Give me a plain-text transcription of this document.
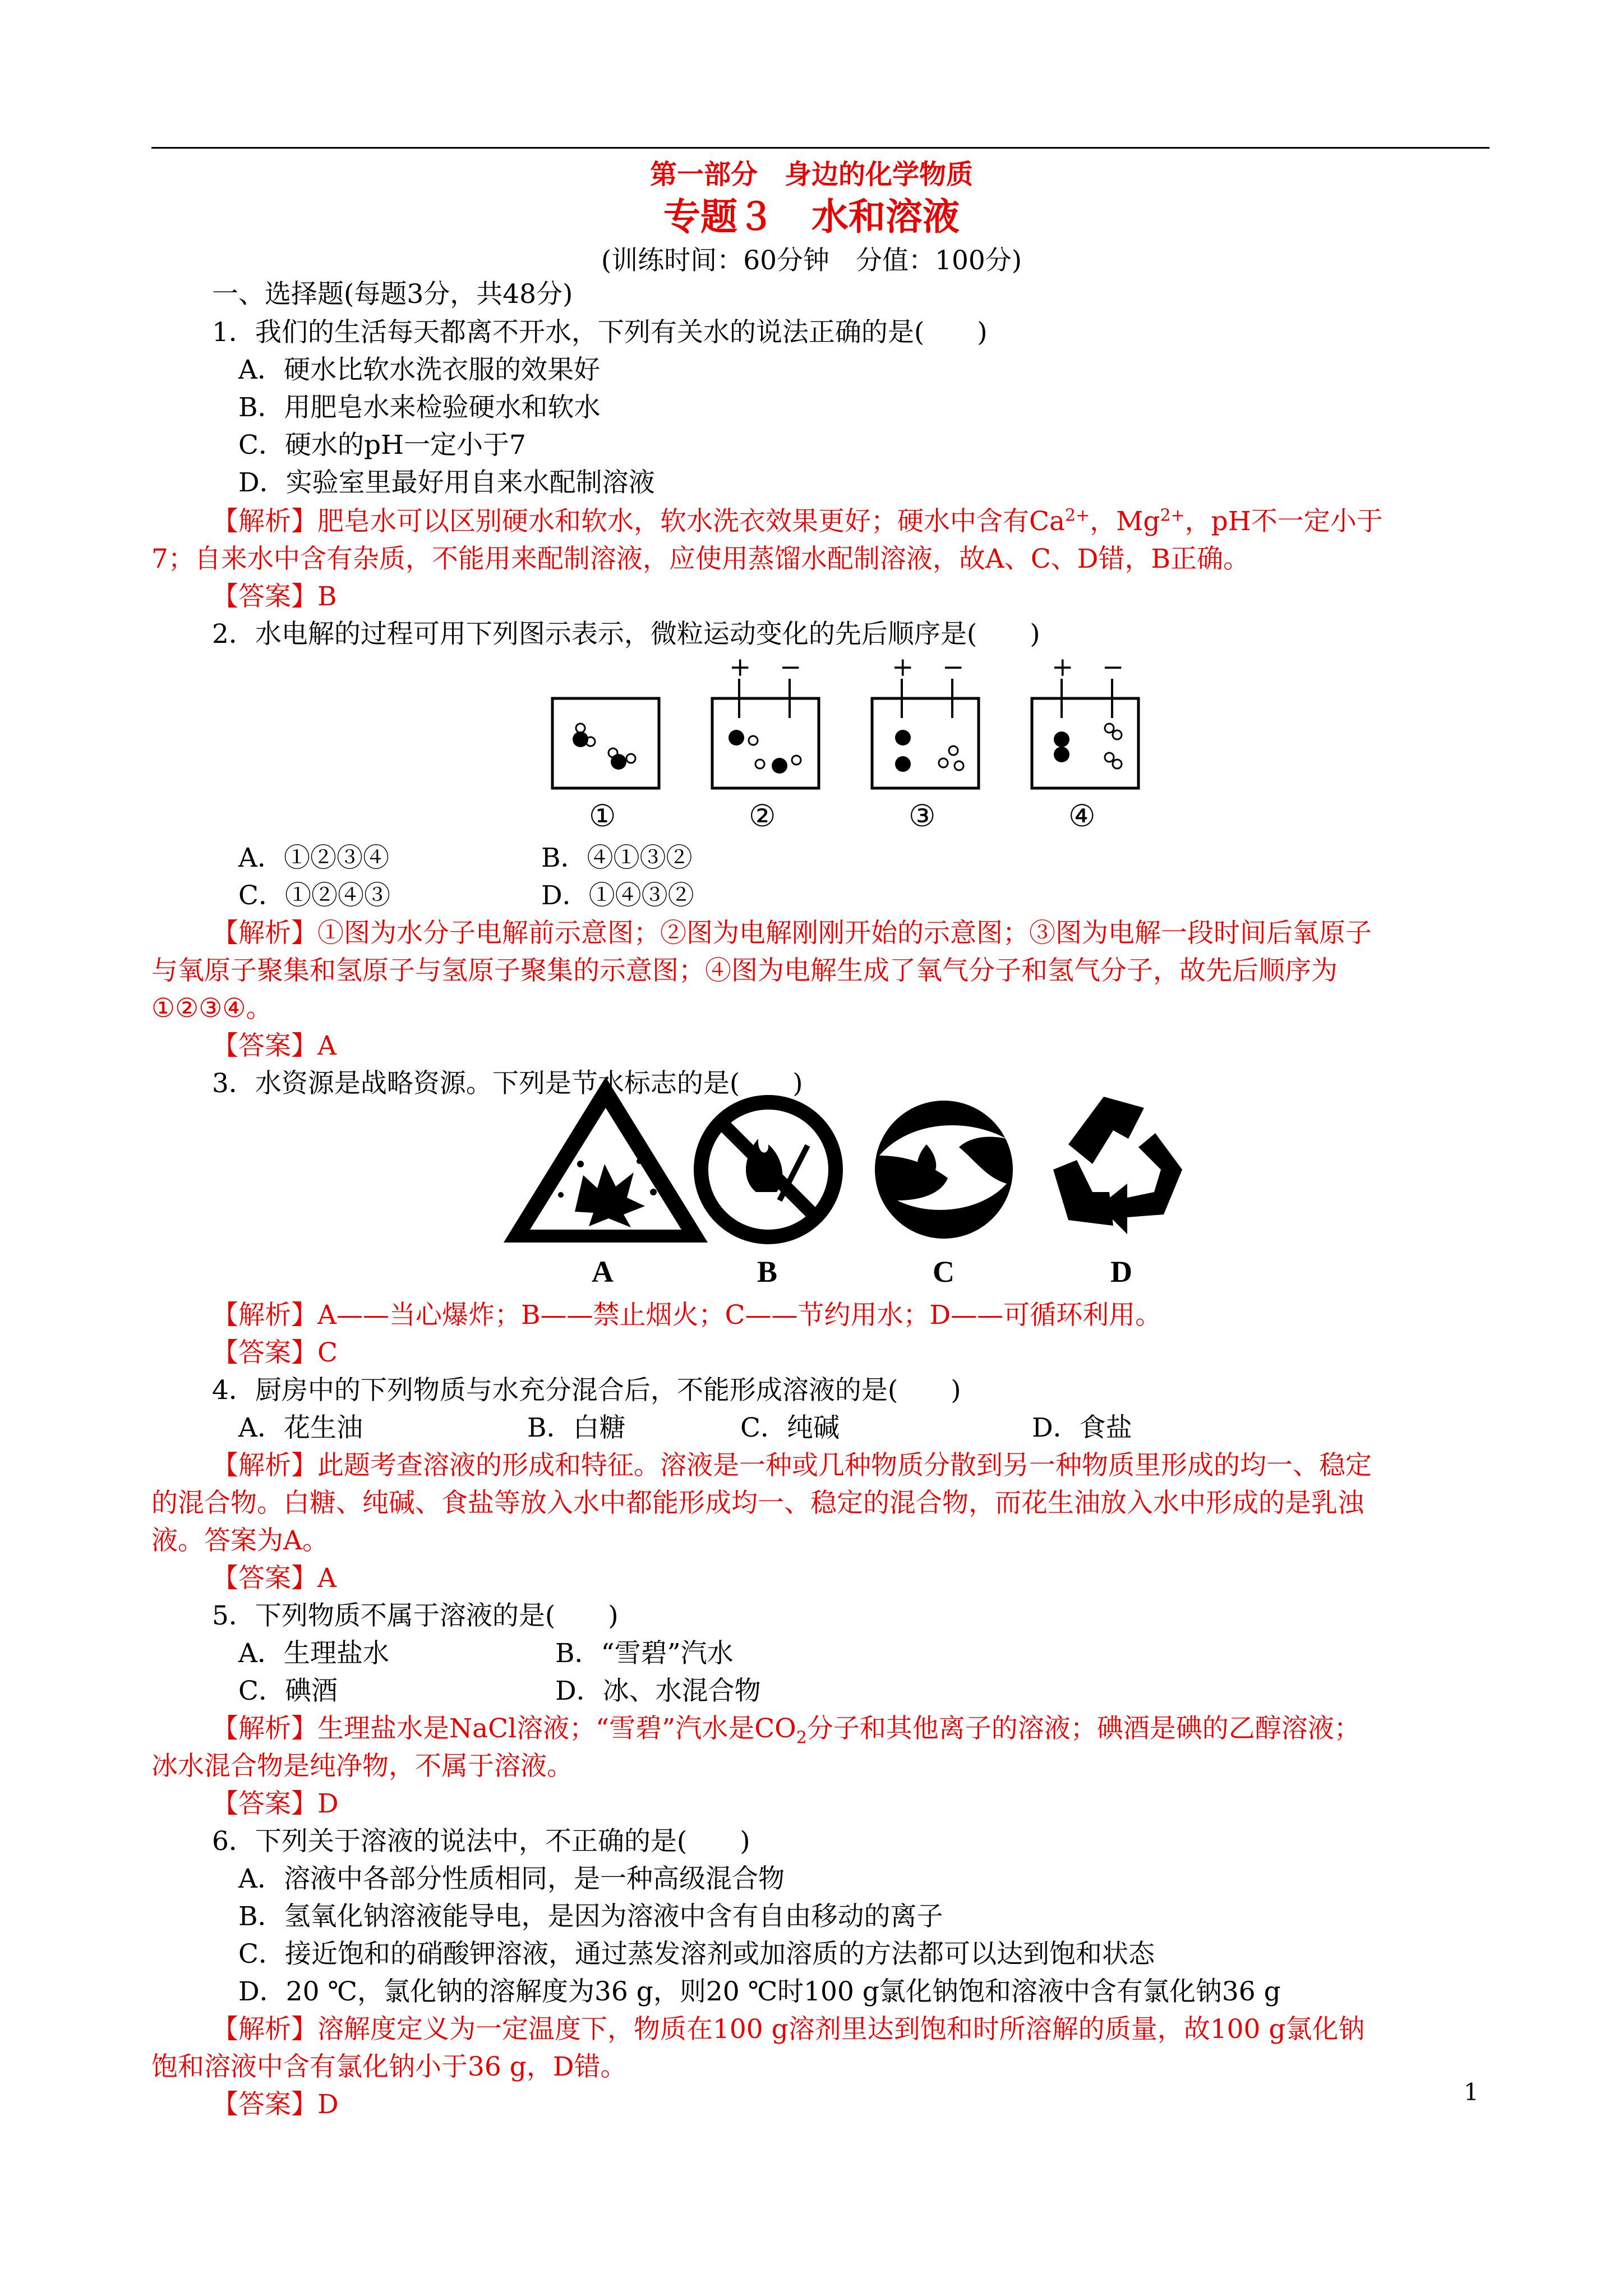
第一部分　身边的化学物质
专题３　水和溶液
(训练时间：60分钟　分值：100分)
一、选择题(每题3分，共48分)
1．我们的生活每天都离不开水，下列有关水的说法正确的是(　　)
A．硬水比软水洗衣服的效果好
B．用肥皂水来检验硬水和软水
C．硬水的pH一定小于7
D．实验室里最好用自来水配制溶液
【解析】肥皂水可以区别硬水和软水，软水洗衣效果更好；硬水中含有$Ca^{2+}$，$Mg^{2+}$，pH不一定小于
7；自来水中含有杂质，不能用来配制溶液，应使用蒸馏水配制溶液，故A、C、D错，B正确。
【答案】B
2．水电解的过程可用下列图示表示，微粒运动变化的先后顺序是(　　)
+ −	+ −	+ −
①	②	③	④
A．①②③④	B．④①③②
C．①②④③	D．①④③②
【解析】①图为水分子电解前示意图；②图为电解刚刚开始的示意图；③图为电解一段时间后氧原子
与氧原子聚集和氢原子与氢原子聚集的示意图；④图为电解生成了氧气分子和氢气分子，故先后顺序为
①②③④。
【答案】A
3．水资源是战略资源。下列是节水标志的是(　　)
A	B	C	D
【解析】A——当心爆炸；B——禁止烟火；C——节约用水；D——可循环利用。
【答案】C
4．厨房中的下列物质与水充分混合后，不能形成溶液的是(　　)
A．花生油	B．白糖	C．纯碱	D．食盐
【解析】此题考查溶液的形成和特征。溶液是一种或几种物质分散到另一种物质里形成的均一、稳定
的混合物。白糖、纯碱、食盐等放入水中都能形成均一、稳定的混合物，而花生油放入水中形成的是乳浊
液。答案为A。
【答案】A
5．下列物质不属于溶液的是(　　)
A．生理盐水	B．“雪碧”汽水
C．碘酒	D．冰、水混合物
【解析】生理盐水是NaCl溶液；“雪碧”汽水是$CO_2$分子和其他离子的溶液；碘酒是碘的乙醇溶液；
冰水混合物是纯净物，不属于溶液。
【答案】D
6．下列关于溶液的说法中，不正确的是(　　)
A．溶液中各部分性质相同，是一种高级混合物
B．氢氧化钠溶液能导电，是因为溶液中含有自由移动的离子
C．接近饱和的硝酸钾溶液，通过蒸发溶剂或加溶质的方法都可以达到饱和状态
D．20 ℃，氯化钠的溶解度为36 g，则20 ℃时100 g氯化钠饱和溶液中含有氯化钠36 g
【解析】溶解度定义为一定温度下，物质在100 g溶剂里达到饱和时所溶解的质量，故100 g氯化钠
饱和溶液中含有氯化钠小于36 g，D错。
【答案】D	1
